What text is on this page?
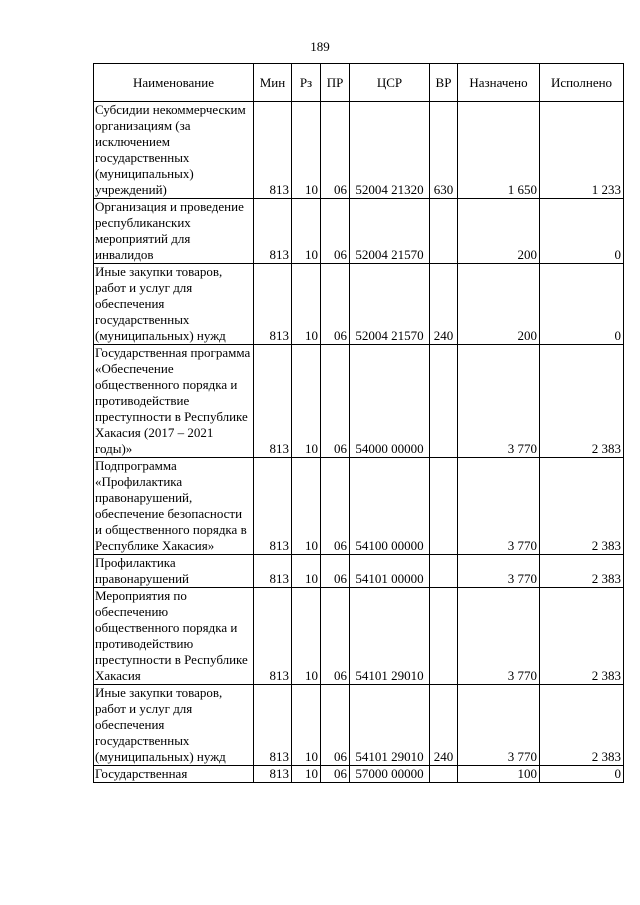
189
Наименование	Мин	Рз	ПР	ЦСР	ВР	Назначено	Исполнено
Субсидии некоммерческим организациям (за исключением государственных (муниципальных) учреждений)	813	10	06	52004 21320	630	1 650	1 233
Организация и проведение республиканских мероприятий для инвалидов	813	10	06	52004 21570		200	0
Иные закупки товаров, работ и услуг для обеспечения государственных (муниципальных) нужд	813	10	06	52004 21570	240	200	0
Государственная программа «Обеспечение общественного порядка и противодействие преступности в Республике Хакасия (2017 – 2021 годы)»	813	10	06	54000 00000		3 770	2 383
Подпрограмма «Профилактика правонарушений, обеспечение безопасности и общественного порядка в Республике Хакасия»	813	10	06	54100 00000		3 770	2 383
Профилактика правонарушений	813	10	06	54101 00000		3 770	2 383
Мероприятия по обеспечению общественного порядка и противодействию преступности в Республике Хакасия	813	10	06	54101 29010		3 770	2 383
Иные закупки товаров, работ и услуг для обеспечения государственных (муниципальных) нужд	813	10	06	54101 29010	240	3 770	2 383
Государственная	813	10	06	57000 00000		100	0
